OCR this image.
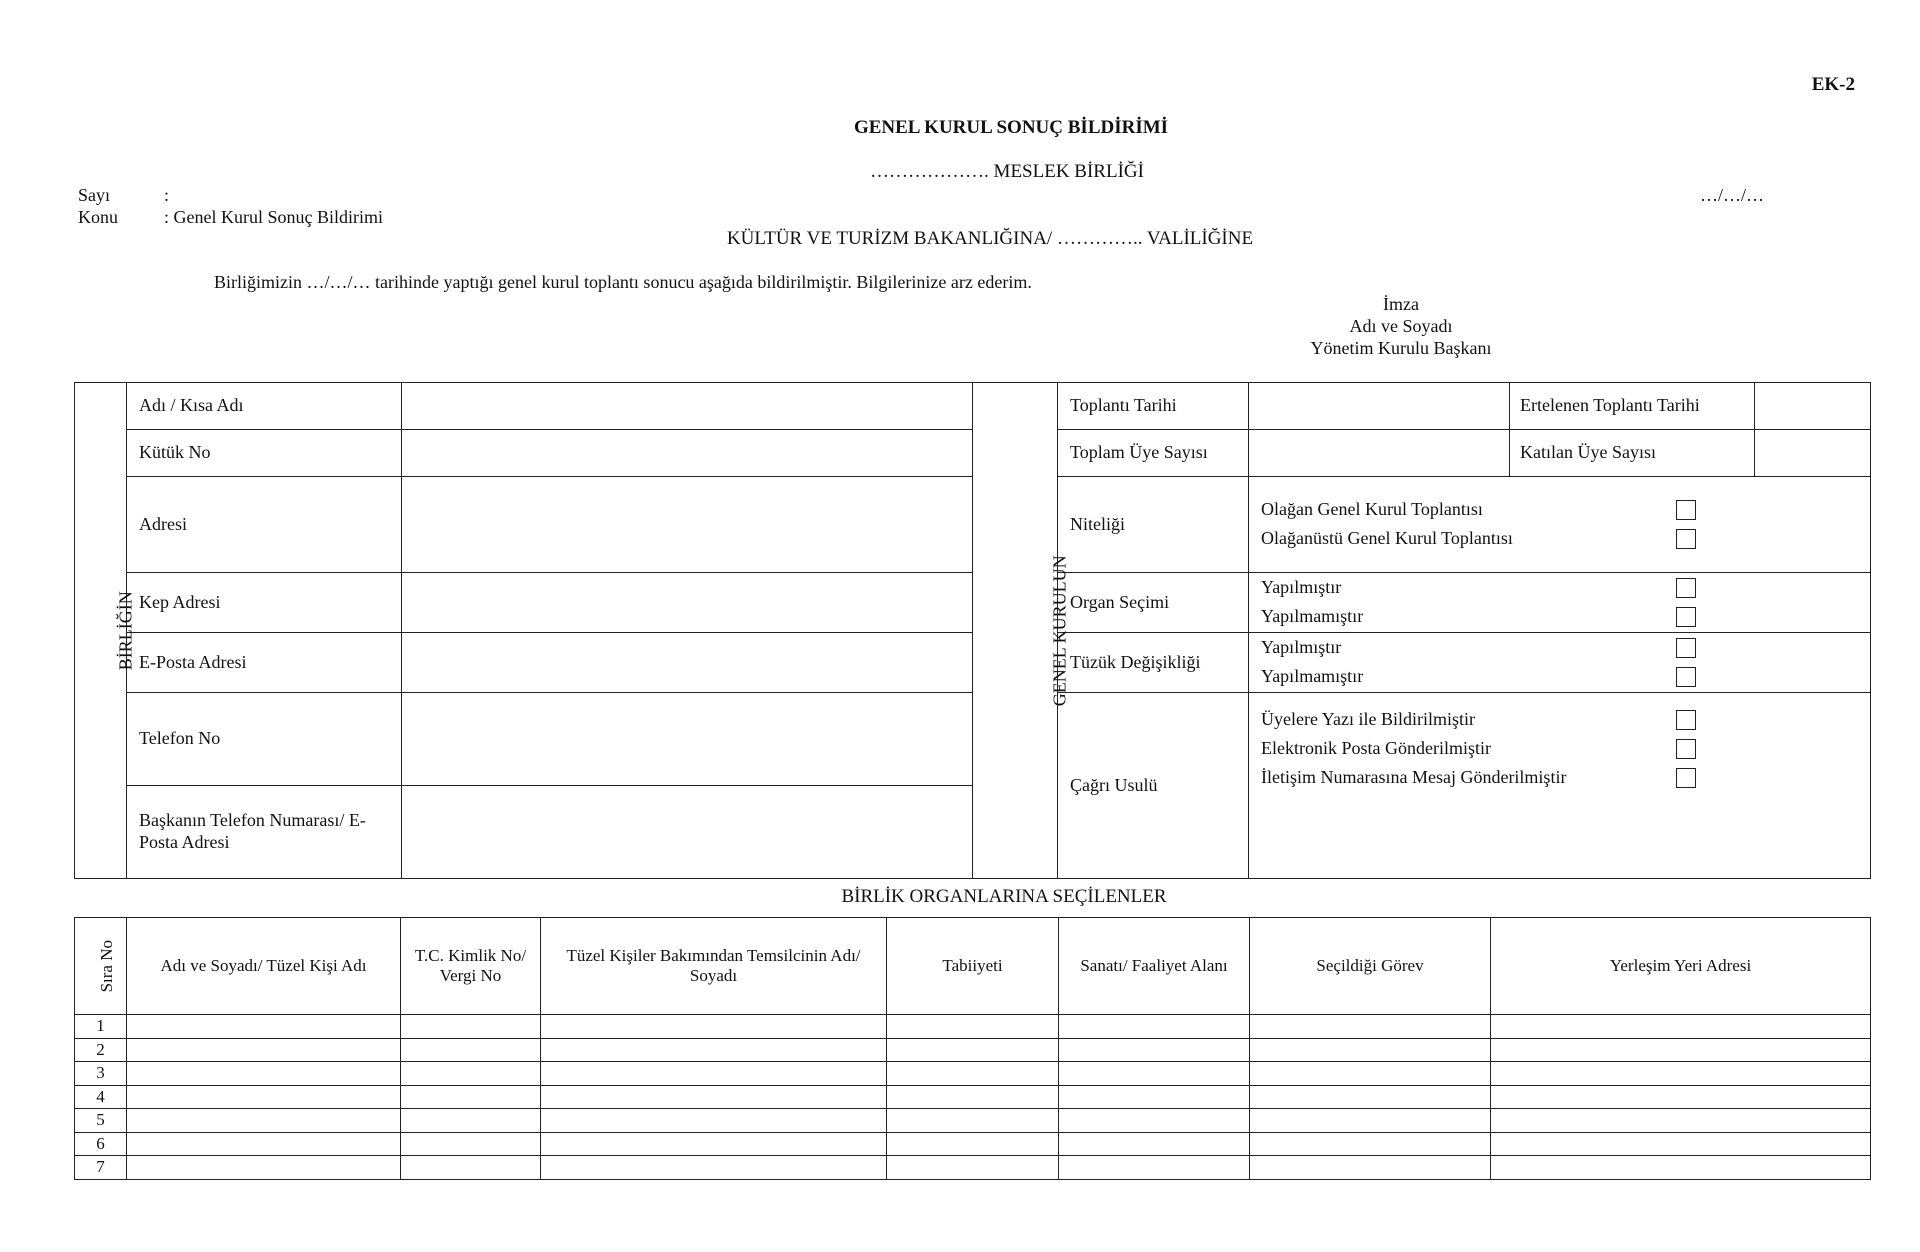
EK-2
GENEL KURUL SONUÇ BİLDİRİMİ
………………. MESLEK BİRLİĞİ
Sayı	:
Konu	: Genel Kurul Sonuç Bildirimi
…/…/…
KÜLTÜR VE TURİZM BAKANLIĞINA/ ………….. VALİLİĞİNE
Birliğimizin …/…/… tarihinde yaptığı genel kurul toplantı sonucu aşağıda bildirilmiştir. Bilgilerinize arz ederim.
İmza
Adı ve Soyadı
Yönetim Kurulu Başkanı
BİRLİĞİN	Adı / Kısa Adı		GENEL KURULUN	Toplantı Tarihi	Ertelenen Toplantı Tarihi

	Kütük No			Toplam Üye Sayısı	Katılan Üye Sayısı

	Adresi			Niteliği	Olağan Genel Kurul Toplantısı
Olağanüstü Genel Kurul Toplantısı

	Kep Adresi			Organ Seçimi	Yapılmıştır
Yapılmamıştır

	E-Posta Adresi			Tüzük Değişikliği	Yapılmıştır
Yapılmamıştır

	Telefon No			Çağrı Usulü	Üyelere Yazı ile Bildirilmiştir
Elektronik Posta Gönderilmiştir
İletişim Numarasına Mesaj Gönderilmiştir

	Başkanın Telefon Numarası/ E-Posta Adresi				
BİRLİK ORGANLARINA SEÇİLENLER
Sıra No	Adı ve Soyadı/ Tüzel Kişi Adı	T.C. Kimlik No/ Vergi No	Tüzel Kişiler Bakımından Temsilcinin Adı/ Soyadı	Tabiiyeti	Sanatı/ Faaliyet Alanı	Seçildiği Görev	Yerleşim Yeri Adresi
1							
2							
3							
4							
5							
6							
7							
